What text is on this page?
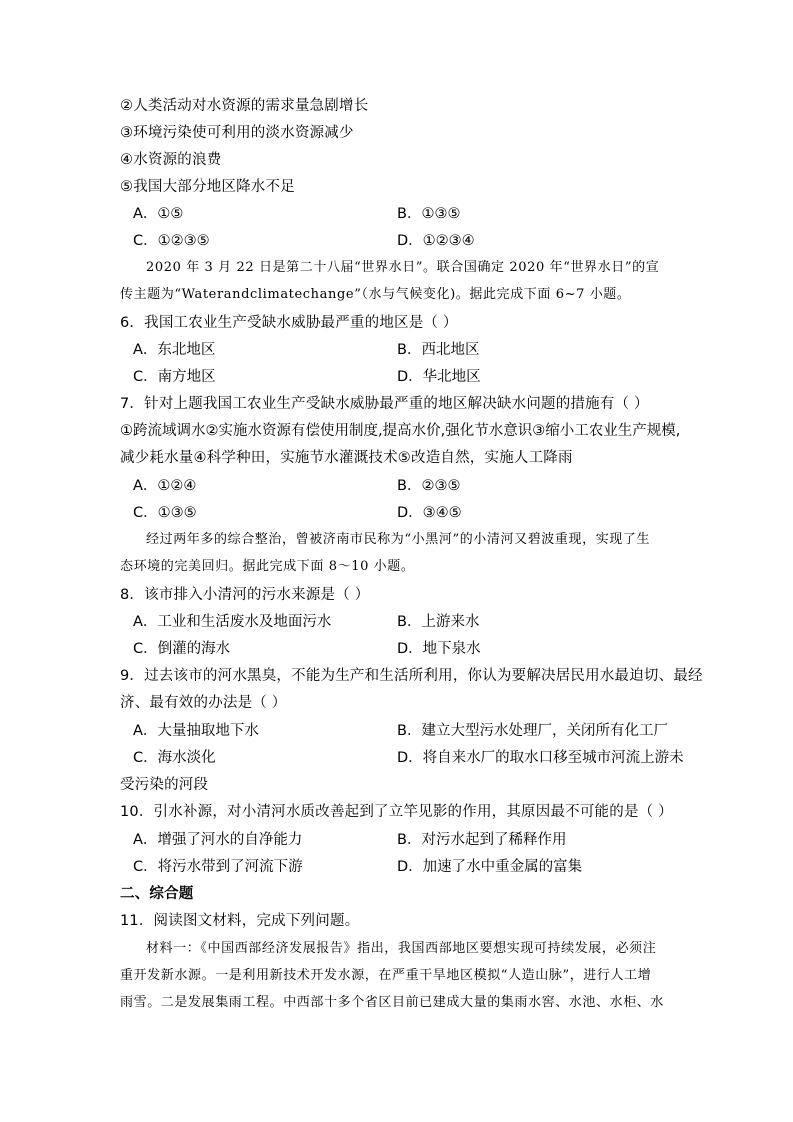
②人类活动对水资源的需求量急剧增长
③环境污染使可利用的淡水资源减少
④水资源的浪费
⑤我国大部分地区降水不足
A．①⑤	B．①③⑤
C．①②③⑤	D．①②③④
2020 年 3 月 22 日是第二十八届“世界水日”。联合国确定 2020 年“世界水日”的宣
传主题为“Waterandclimatechange”（水与气候变化)。据此完成下面 6~7 小题。
6．我国工农业生产受缺水威胁最严重的地区是（ ）
A．东北地区	B．西北地区
C．南方地区	D．华北地区
7．针对上题我国工农业生产受缺水威胁最严重的地区解决缺水问题的措施有（ ）
①跨流域调水②实施水资源有偿使用制度,提高水价,强化节水意识③缩小工农业生产规模,
减少耗水量④科学种田，实施节水灌溉技术⑤改造自然，实施人工降雨
A．①②④	B．②③⑤
C．①③⑤	D．③④⑤
经过两年多的综合整治，曾被济南市民称为“小黑河”的小清河又碧波重现，实现了生
态环境的完美回归。据此完成下面 8～10 小题。
8．该市排入小清河的污水来源是（ ）
A．工业和生活废水及地面污水	B．上游来水
C．倒灌的海水	D．地下泉水
9．过去该市的河水黑臭，不能为生产和生活所利用，你认为要解决居民用水最迫切、最经
济、最有效的办法是（ ）
A．大量抽取地下水	B．建立大型污水处理厂，关闭所有化工厂
C．海水淡化	D．将自来水厂的取水口移至城市河流上游未
受污染的河段
10．引水补源，对小清河水质改善起到了立竿见影的作用，其原因最不可能的是（ ）
A．增强了河水的自净能力	B．对污水起到了稀释作用
C．将污水带到了河流下游	D．加速了水中重金属的富集
二、综合题
11．阅读图文材料，完成下列问题。
材料一：《中国西部经济发展报告》指出，我国西部地区要想实现可持续发展，必须注
重开发新水源。一是利用新技术开发水源，在严重干旱地区模拟“人造山脉”，进行人工增
雨雪。二是发展集雨工程。中西部十多个省区目前已建成大量的集雨水窖、水池、水柜、水
